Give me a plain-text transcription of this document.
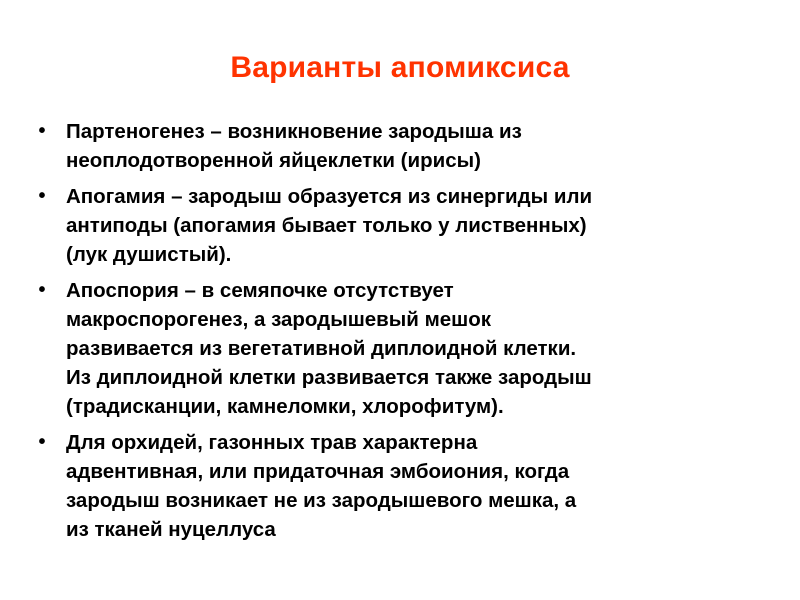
Варианты апомиксиса
• Партеногенез – возникновение зародыша из
неоплодотворенной яйцеклетки (ирисы)
• Апогамия – зародыш образуется из синергиды или
антиподы (апогамия бывает только у лиственных)
(лук душистый).
• Апоспория – в семяпочке отсутствует
макроспорогенез, а зародышевый мешок
развивается из вегетативной диплоидной клетки.
Из диплоидной клетки развивается также зародыш
(традисканции, камнеломки, хлорофитум).
• Для орхидей, газонных трав характерна
адвентивная, или придаточная эмбоиония, когда
зародыш возникает не из зародышевого мешка, а
из тканей нуцеллуса
